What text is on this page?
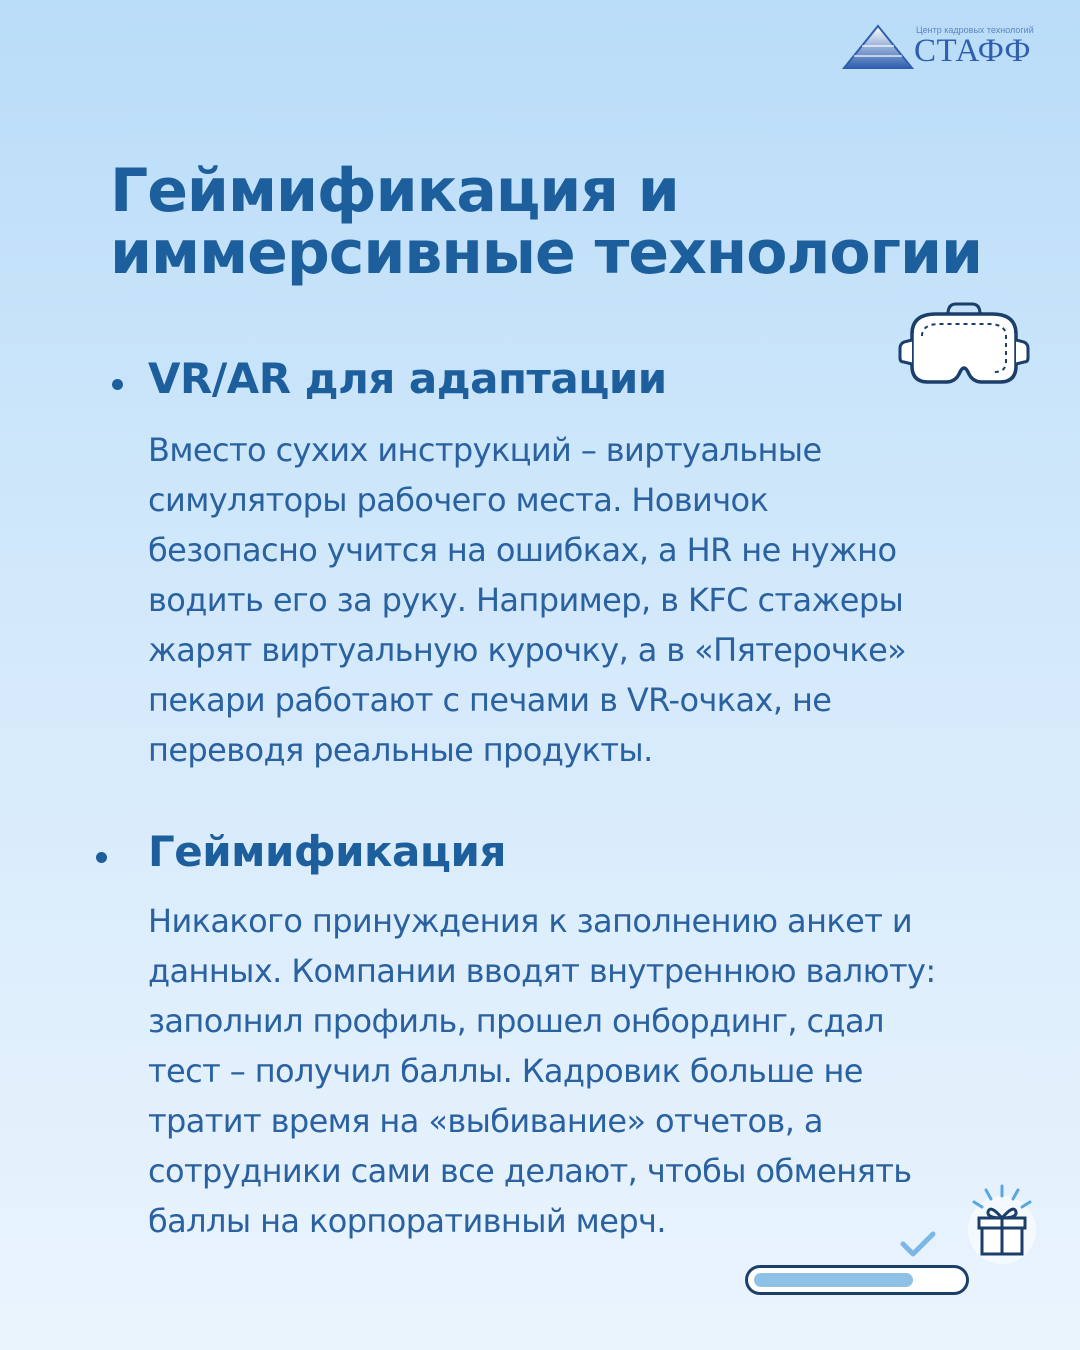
Центр кадровых технологий
СТАФФ
Геймификация и
иммерсивные технологии
VR/AR для адаптации

Вместо сухих инструкций – виртуальные
симуляторы рабочего места. Новичок
безопасно учится на ошибках, а HR не нужно
водить его за руку. Например, в KFC стажеры
жарят виртуальную курочку, а в «Пятерочке»
пекари работают с печами в VR-очках, не
переводя реальные продукты.

Геймификация

Никакого принуждения к заполнению анкет и
данных. Компании вводят внутреннюю валюту:
заполнил профиль, прошел онбординг, сдал
тест – получил баллы. Кадровик больше не
тратит время на «выбивание» отчетов, а
сотрудники сами все делают, чтобы обменять
баллы на корпоративный мерч.
